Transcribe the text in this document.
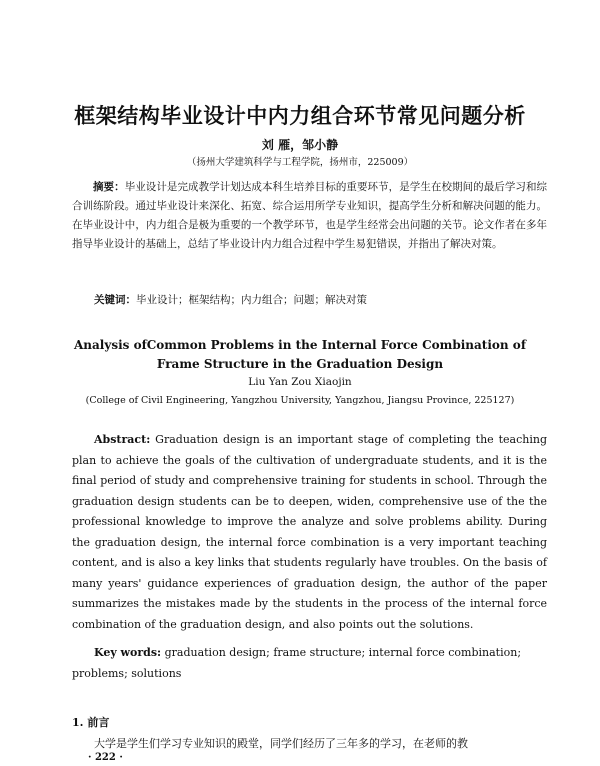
框架结构毕业设计中内力组合环节常见问题分析
刘 雁，邹小静
（扬州大学建筑科学与工程学院，扬州市，225009）
摘要：毕业设计是完成教学计划达成本科生培养目标的重要环节，是学生在校期间的最后学习和综合训练阶段。通过毕业设计来深化、拓宽、综合运用所学专业知识，提高学生分析和解决问题的能力。在毕业设计中，内力组合是极为重要的一个教学环节，也是学生经常会出问题的关节。论文作者在多年指导毕业设计的基础上，总结了毕业设计内力组合过程中学生易犯错误，并指出了解决对策。
关键词：毕业设计；框架结构；内力组合；问题；解决对策
Analysis ofCommon Problems in the Internal Force Combination of
Frame Structure in the Graduation Design
Liu Yan Zou Xiaojin
(College of Civil Engineering, Yangzhou University, Yangzhou, Jiangsu Province, 225127)
Abstract: Graduation design is an important stage of completing the teaching plan to achieve the goals of the cultivation of undergraduate students, and it is the final period of study and comprehensive training for students in school. Through the graduation design students can be to deepen, widen, comprehensive use of the the professional knowledge to improve the analyze and solve problems ability. During the graduation design, the internal force combination is a very important teaching content, and is also a key links that students regularly have troubles. On the basis of many years' guidance experiences of graduation design, the author of the paper summarizes the mistakes made by the students in the process of the internal force combination of the graduation design, and also points out the solutions.
Key words: graduation design; frame structure; internal force combination; problems; solutions
1. 前言
大学是学生们学习专业知识的殿堂，同学们经历了三年多的学习，在老师的教
· 222 ·
